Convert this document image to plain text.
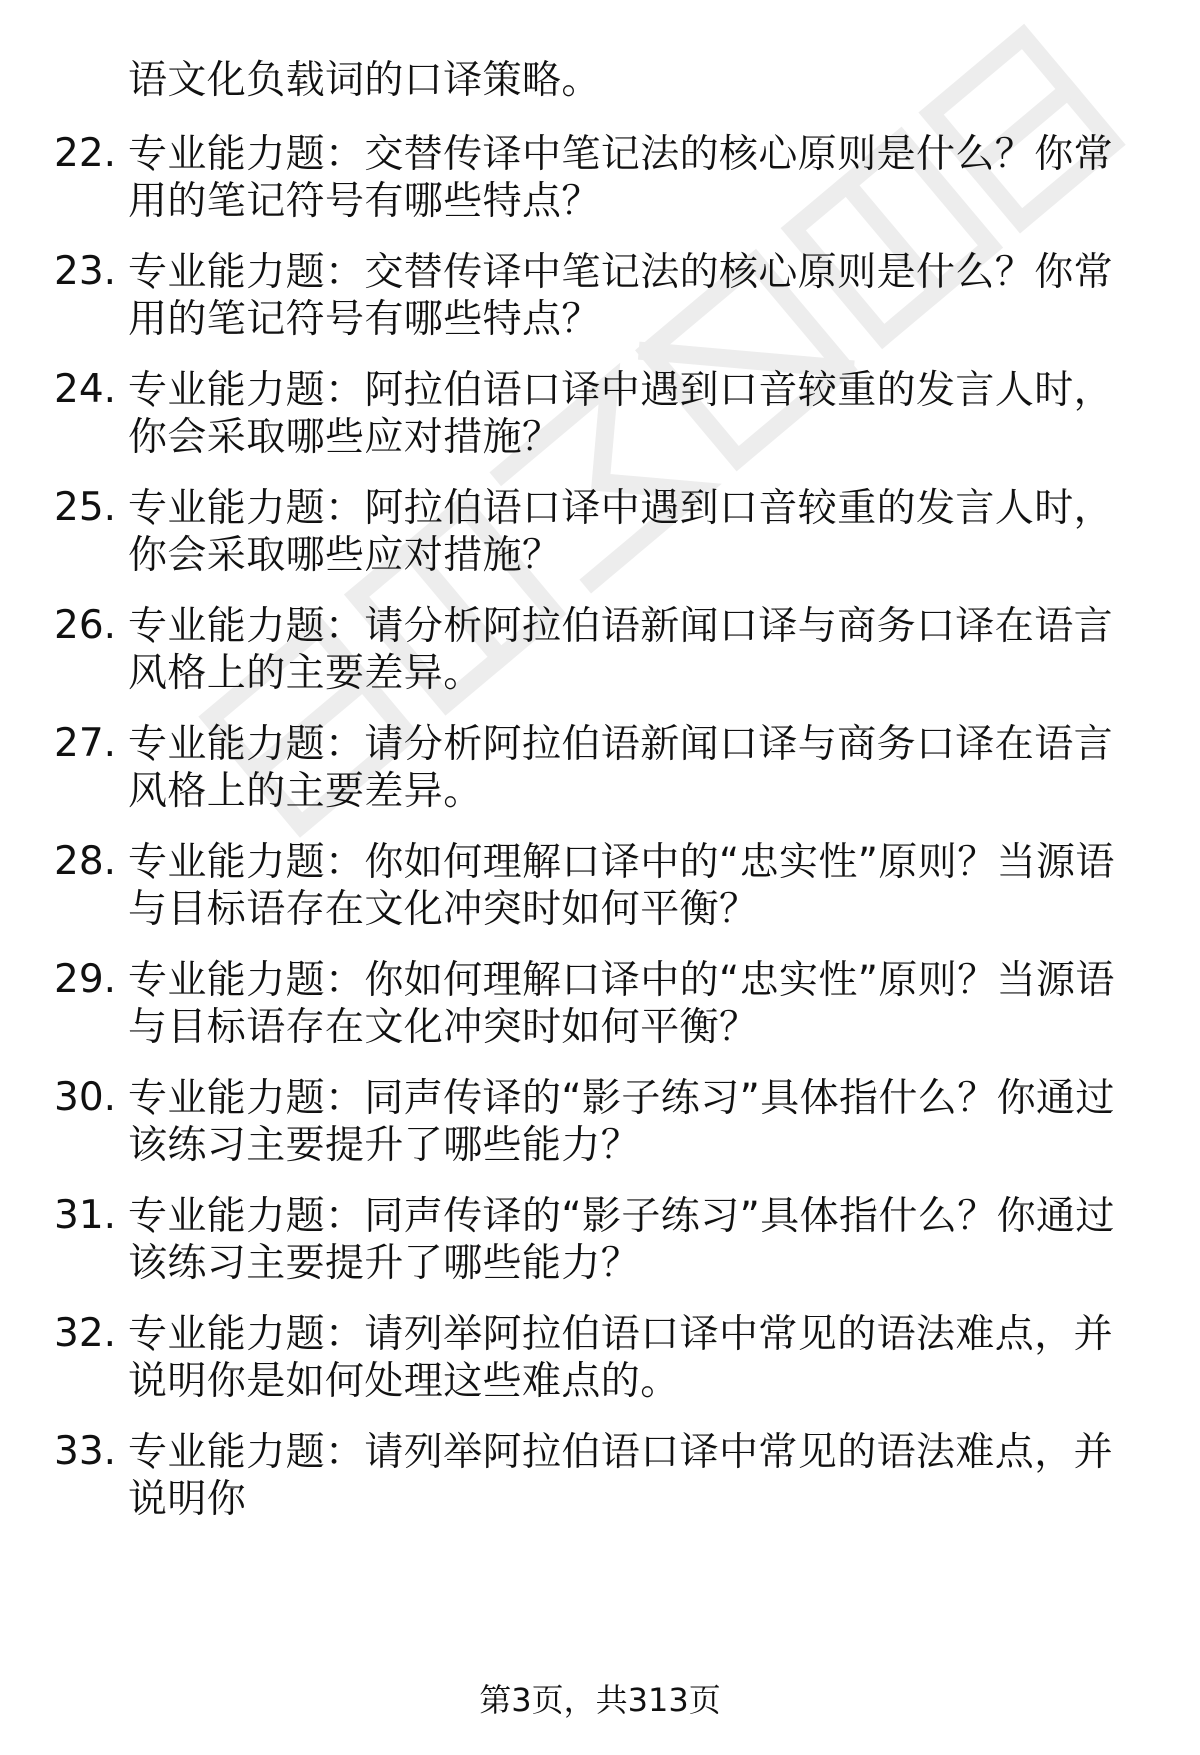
语文化负载词的口译策略。
22. 专业能力题：交替传译中笔记法的核心原则是什么？你常用的笔记符号有哪些特点？
23. 专业能力题：交替传译中笔记法的核心原则是什么？你常用的笔记符号有哪些特点？
24. 专业能力题：阿拉伯语口译中遇到口音较重的发言人时，你会采取哪些应对措施？
25. 专业能力题：阿拉伯语口译中遇到口音较重的发言人时，你会采取哪些应对措施？
26. 专业能力题：请分析阿拉伯语新闻口译与商务口译在语言风格上的主要差异。
27. 专业能力题：请分析阿拉伯语新闻口译与商务口译在语言风格上的主要差异。
28. 专业能力题：你如何理解口译中的“忠实性”原则？当源语与目标语存在文化冲突时如何平衡？
29. 专业能力题：你如何理解口译中的“忠实性”原则？当源语与目标语存在文化冲突时如何平衡？
30. 专业能力题：同声传译的“影子练习”具体指什么？你通过该练习主要提升了哪些能力？
31. 专业能力题：同声传译的“影子练习”具体指什么？你通过该练习主要提升了哪些能力？
32. 专业能力题：请列举阿拉伯语口译中常见的语法难点，并说明你是如何处理这些难点的。
33. 专业能力题：请列举阿拉伯语口译中常见的语法难点，并说明你
第3页，共313页
